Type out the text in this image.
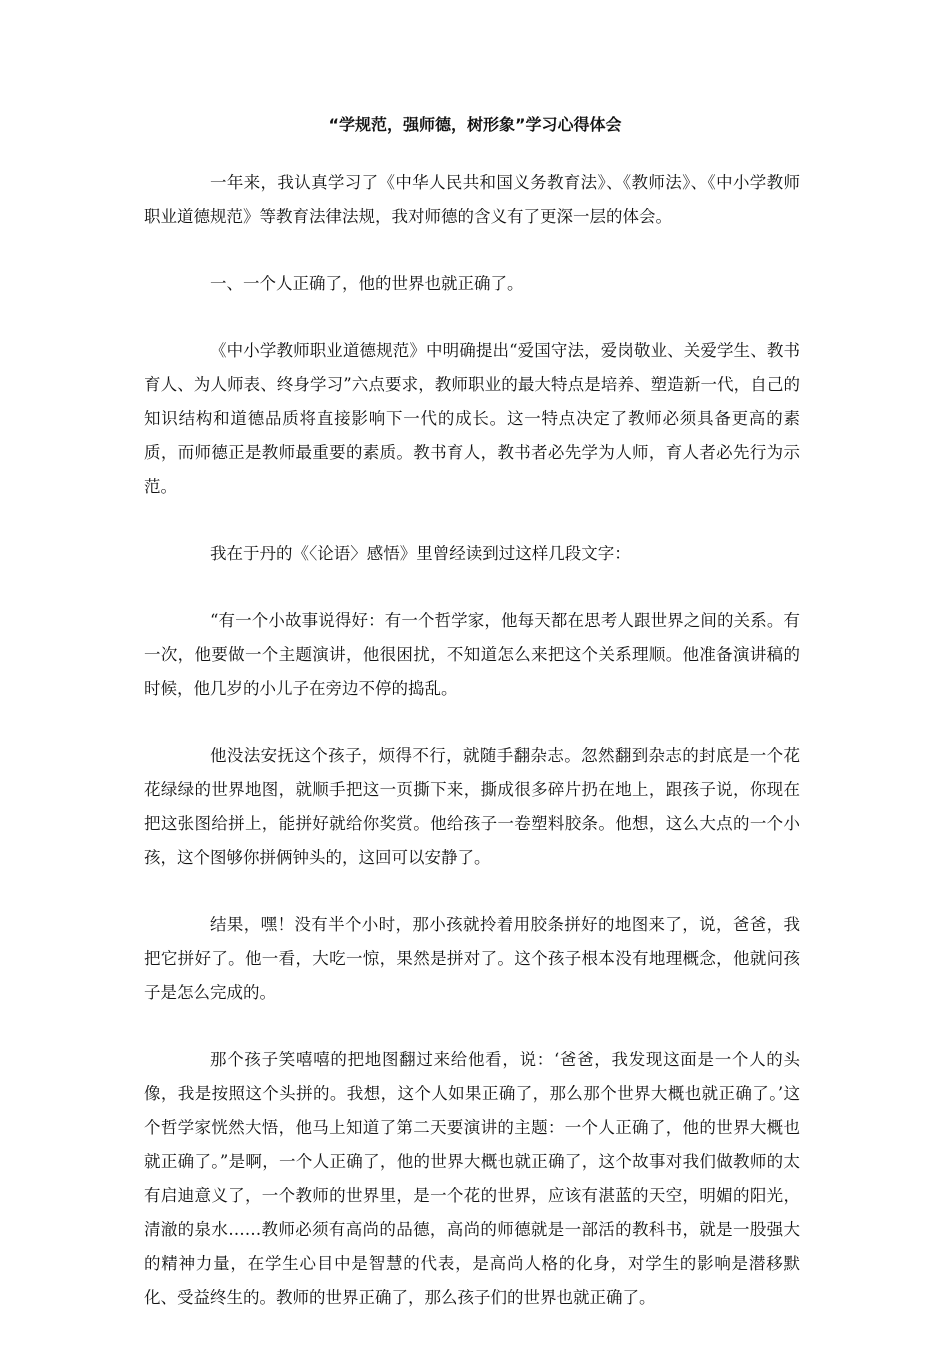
“学规范，强师德，树形象”学习心得体会

一年来，我认真学习了《中华人民共和国义务教育法》、《教师法》、《中小学教师职业道德规范》等教育法律法规，我对师德的含义有了更深一层的体会。

一、一个人正确了，他的世界也就正确了。

《中小学教师职业道德规范》中明确提出“爱国守法，爱岗敬业、关爱学生、教书育人、为人师表、终身学习”六点要求，教师职业的最大特点是培养、塑造新一代，自己的知识结构和道德品质将直接影响下一代的成长。这一特点决定了教师必须具备更高的素质，而师德正是教师最重要的素质。教书育人，教书者必先学为人师，育人者必先行为示范。

我在于丹的《〈论语〉感悟》里曾经读到过这样几段文字：

“有一个小故事说得好：有一个哲学家，他每天都在思考人跟世界之间的关系。有一次，他要做一个主题演讲，他很困扰，不知道怎么来把这个关系理顺。他准备演讲稿的时候，他几岁的小儿子在旁边不停的捣乱。

他没法安抚这个孩子，烦得不行，就随手翻杂志。忽然翻到杂志的封底是一个花花绿绿的世界地图，就顺手把这一页撕下来，撕成很多碎片扔在地上，跟孩子说，你现在把这张图给拼上，能拼好就给你奖赏。他给孩子一卷塑料胶条。他想，这么大点的一个小孩，这个图够你拼俩钟头的，这回可以安静了。

结果，嘿！没有半个小时，那小孩就拎着用胶条拼好的地图来了，说，爸爸，我把它拼好了。他一看，大吃一惊，果然是拼对了。这个孩子根本没有地理概念，他就问孩子是怎么完成的。

那个孩子笑嘻嘻的把地图翻过来给他看，说：‘爸爸，我发现这面是一个人的头像，我是按照这个头拼的。我想，这个人如果正确了，那么那个世界大概也就正确了。’这个哲学家恍然大悟，他马上知道了第二天要演讲的主题：一个人正确了，他的世界大概也就正确了。”是啊，一个人正确了，他的世界大概也就正确了，这个故事对我们做教师的太有启迪意义了，一个教师的世界里，是一个花的世界，应该有湛蓝的天空，明媚的阳光，清澈的泉水……教师必须有高尚的品德，高尚的师德就是一部活的教科书，就是一股强大的精神力量，在学生心目中是智慧的代表，是高尚人格的化身，对学生的影响是潜移默化、受益终生的。教师的世界正确了，那么孩子们的世界也就正确了。
